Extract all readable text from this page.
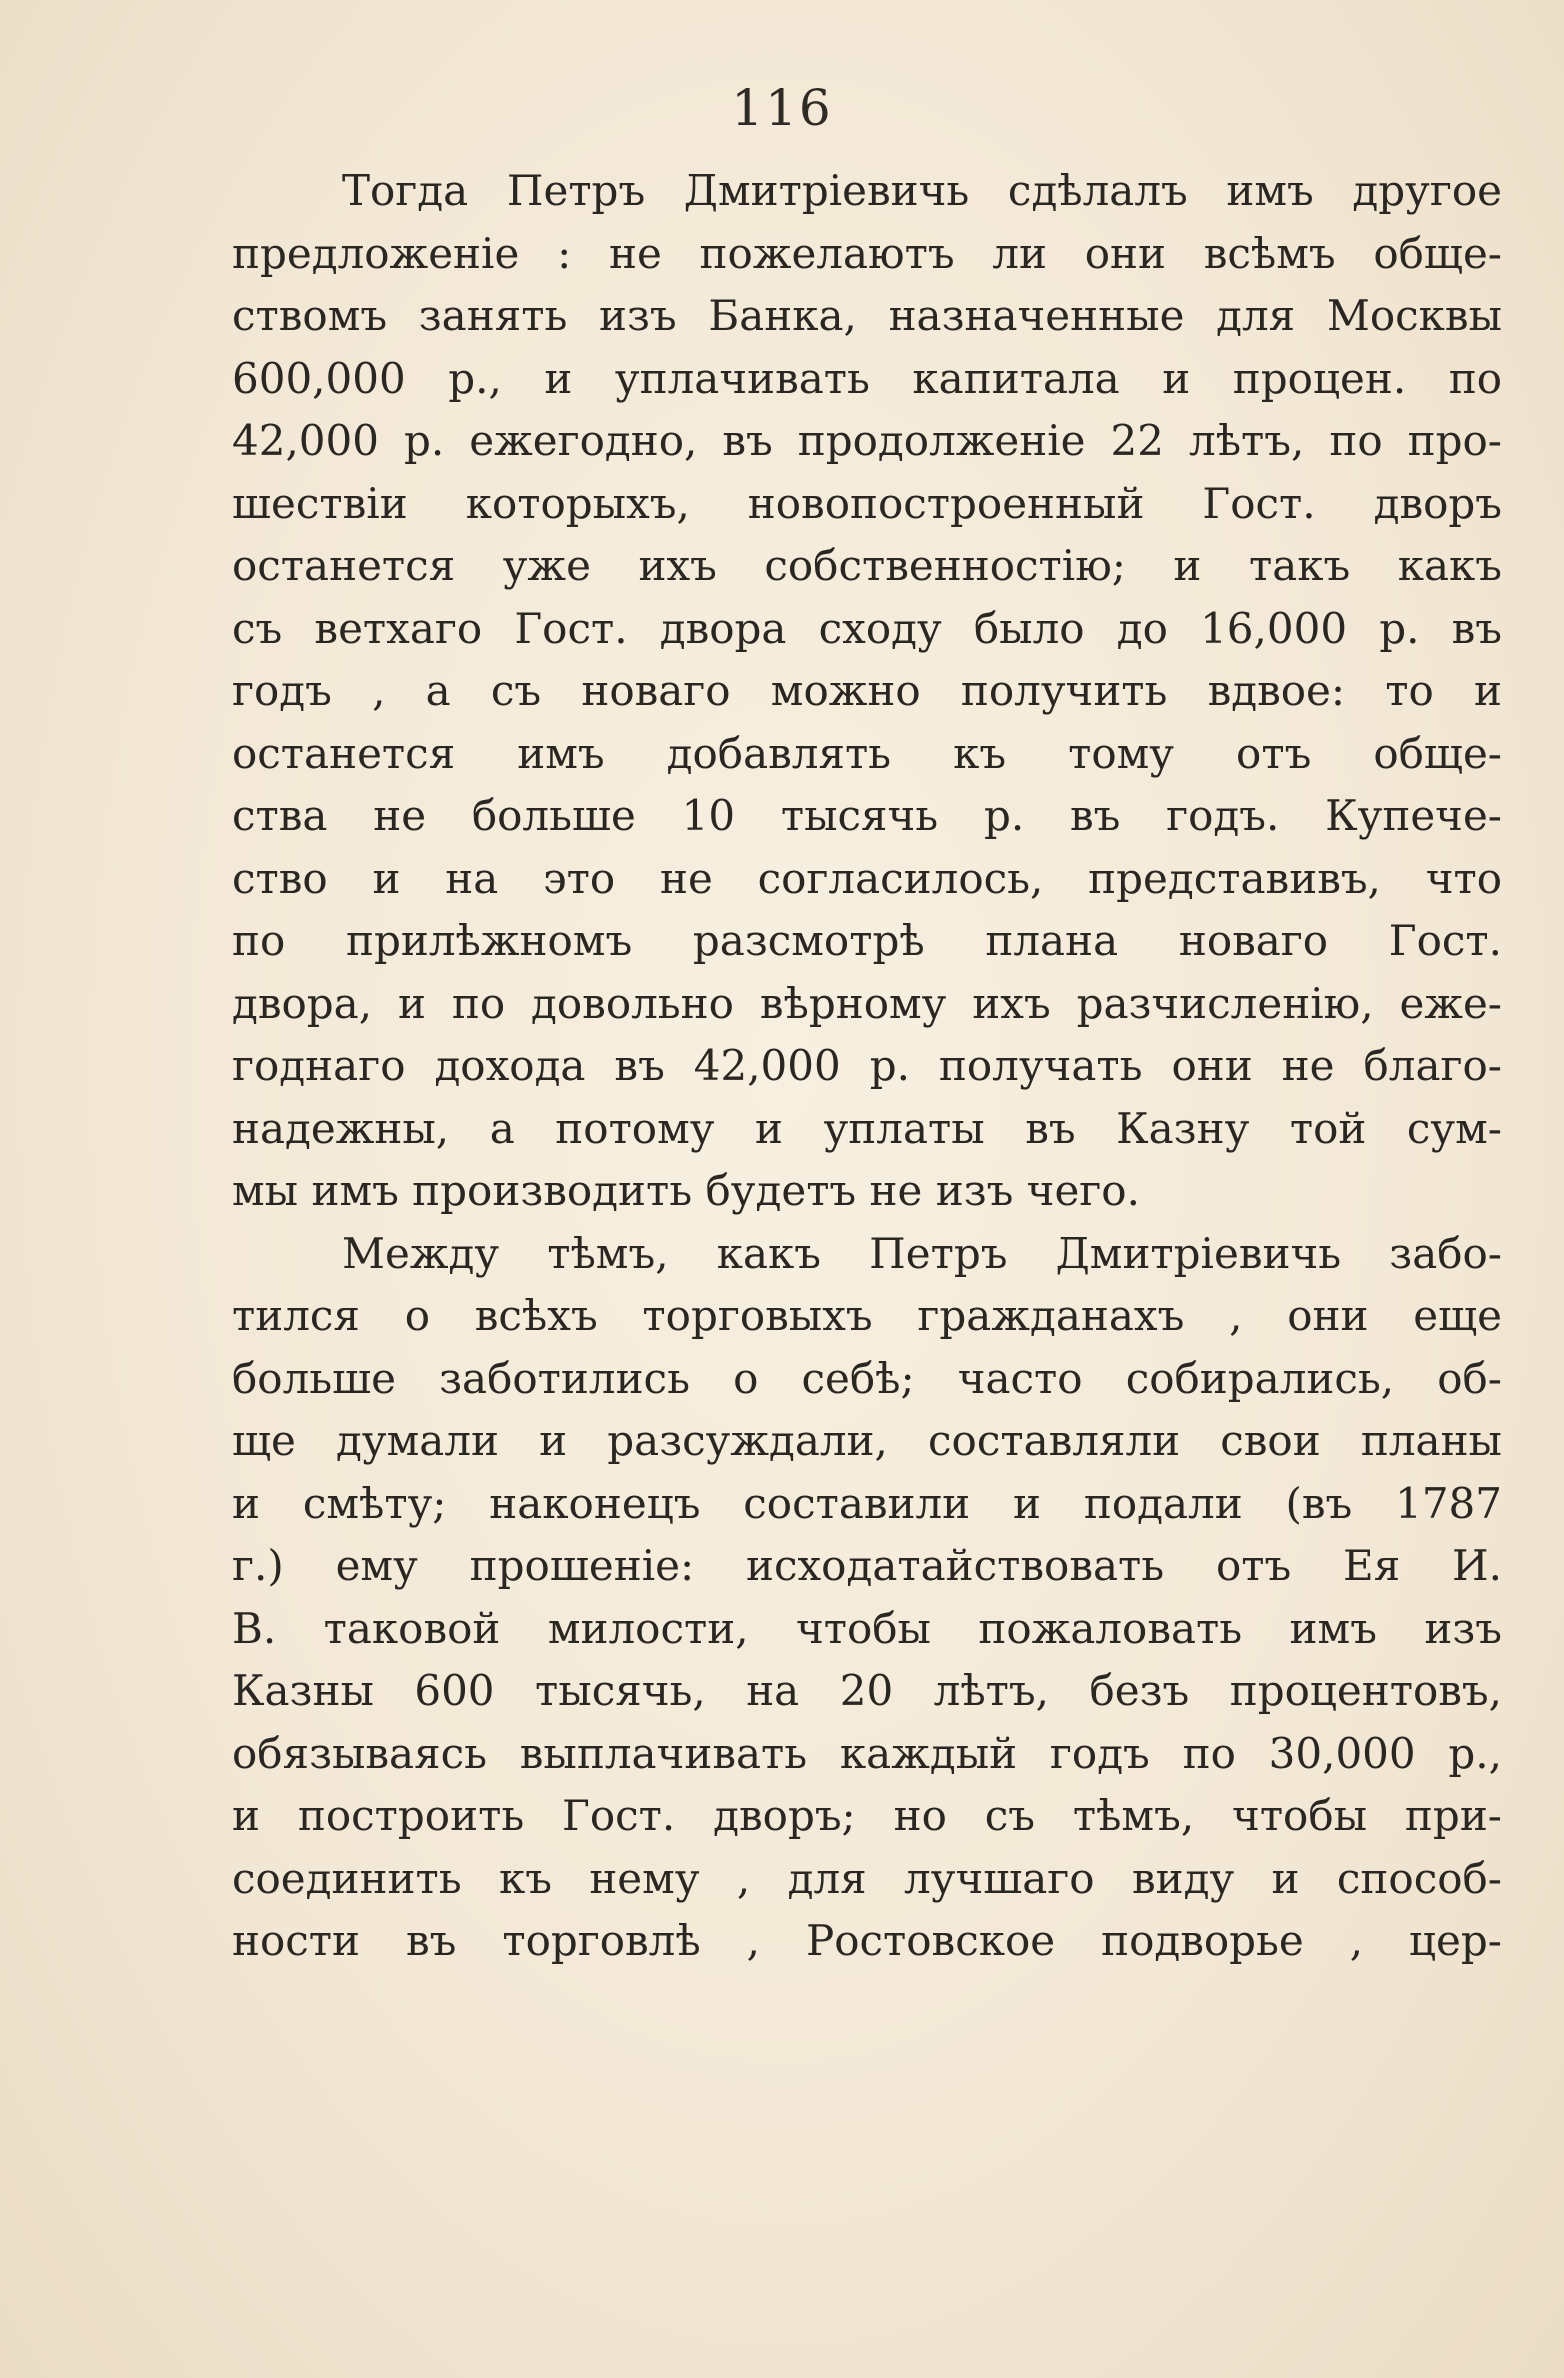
116
Тогда Петръ Дмитріевичь сдѣлалъ имъ другое
предложеніе : не пожелаютъ ли они всѣмъ обще-
ствомъ занять изъ Банка, назначенные для Москвы
600,000 р., и уплачивать капитала и процен. по
42,000 р. ежегодно, въ продолженіе 22 лѣтъ, по про-
шествіи которыхъ, новопостроенный Гост. дворъ
останется уже ихъ собственностію; и такъ какъ
съ ветхаго Гост. двора сходу было до 16,000 р. въ
годъ , а съ новаго можно получить вдвое: то и
останется имъ добавлять къ тому отъ обще-
ства не больше 10 тысячь р. въ годъ. Купече-
ство и на это не согласилось, представивъ, что
по прилѣжномъ разсмотрѣ плана новаго Гост.
двора, и по довольно вѣрному ихъ разчисленію, еже-
годнаго дохода въ 42,000 р. получать они не благо-
надежны, а потому и уплаты въ Казну той сум-
мы имъ производить будетъ не изъ чего.
Между тѣмъ, какъ Петръ Дмитріевичь забо-
тился о всѣхъ торговыхъ гражданахъ , они еще
больше заботились о себѣ; часто собирались, об-
ще думали и разсуждали, составляли свои планы
и смѣту; наконецъ составили и подали (въ 1787
г.) ему прошеніе: исходатайствовать отъ Ея И.
В. таковой милости, чтобы пожаловать имъ изъ
Казны 600 тысячь, на 20 лѣтъ, безъ процентовъ,
обязываясь выплачивать каждый годъ по 30,000 р.,
и построить Гост. дворъ; но съ тѣмъ, чтобы при-
соединить къ нему , для лучшаго виду и способ-
ности въ торговлѣ , Ростовское подворье , цер-
